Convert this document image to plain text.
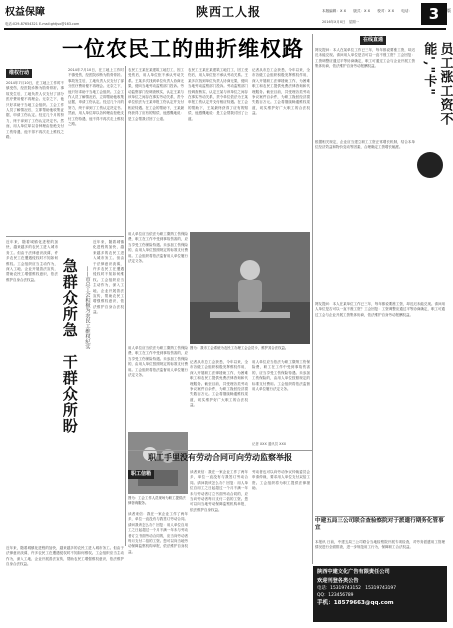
权益保障	陕西工人报	本版编辑：X X　　版式：X X　　校对：X X　　电话：	3	版
电话:029-87654321 E-mail:ghtjsx@163.com	2016年X月X日　星期一
一位农民工的曲折维权路
维权行动
2014年7月10日，在工地上工作时不慎受伤，经医院诊断为肋骨骨折。事故发生后，工地负责人仅支付了部分医疗费用便不再理会。无奈之下，他只好求助于当地工会组织。工会工作人员了解情况后，立即帮助他收集证据，申请工伤认定。经过几个月的努力，终于拿到了工伤认定决定书。然而，用人单位却以各种理由拒绝支付工伤待遇，他不得不再次走上维权之路。
2014年7月10日，在工地上工作时不慎受伤，经医院诊断为肋骨骨折。事故发生后，工地负责人仅支付了部分医疗费用便不再理会。无奈之下，他只好求助于当地工会组织。工会工作人员了解情况后，立即帮助他收集证据，申请工伤认定。经过几个月的努力，终于拿到了工伤认定决定书。然而，用人单位却以各种理由拒绝支付工伤待遇，他不得不再次走上维权之路。
农民工王某在某建筑工地打工，因工受伤后，用人单位拒不承认劳动关系。王某多次找到单位负责人协商无果，便向当地劳动监察部门投诉。劳动监察部门经调查核实，认定王某与该单位之间存在事实劳动关系，责令单位依法为王某申报工伤认定并支付相应待遇。在工会的帮助下，王某最终获得了应有的赔偿，他感慨地说：是工会帮我讨回了公道。
农民工王某在某建筑工地打工，因工受伤后，用人单位拒不承认劳动关系。王某多次找到单位负责人协商无果，便向当地劳动监察部门投诉。劳动监察部门经调查核实，认定王某与该单位之间存在事实劳动关系，责令单位依法为王某申报工伤认定并支付相应待遇。在工会的帮助下，王某最终获得了应有的赔偿，他感慨地说：是工会帮我讨回了公道。
记者从市总工会获悉，今年以来，全市各级工会组织积极发挥维权作用，深入开展职工法律援助工作，为困难职工和农民工提供免费法律咨询和代理服务。截至目前，共受理各类劳动争议案件百余件，为职工挽回经济损失数百万元。工会将继续畅通维权渠道，切实维护好广大职工的合法权益。
近年来，随着城镇化进程的加快，越来越多的农民工进入城市务工。但由于法律意识淡薄，许多农民工在遭遇侵权时不知如何维权。工会组织应当主动作为，深入工地、企业开展普法宣传，帮助农民工增强维权意识，依法维护自身合法权益。	急群众所急　干群众所盼 ——市总工会积极为农民工维权纪实
近年来，随着城镇化进程的加快，越来越多的农民工进入城市务工。但由于法律意识淡薄，许多农民工在遭遇侵权时不知如何维权。工会组织应当主动作为，深入工地、企业开展普法宣传，帮助农民工增强维权意识，依法维护自身合法权益。
用人单位应当依法为职工缴纳工伤保险费，职工在工作中受到事故伤害的，应当享受工伤保险待遇。未参加工伤保险的，由用人单位按照规定的标准支付费用。工会组织将依法监督用人单位履行法定义务。
用人单位应当依法为职工缴纳工伤保险费，职工在工作中受到事故伤害的，应当享受工伤保险待遇。未参加工伤保险的，由用人单位按照规定的标准支付费用。工会组织将依法监督用人单位履行法定义务。
图为：我市工会系统为农民工办理工会会员卡，维护其合法权益。
图为：工会工作人员现场为职工提供法律咨询服务。
记者从市总工会获悉，今年以来，全市各级工会组织积极发挥维权作用，深入开展职工法律援助工作，为困难职工和农民工提供免费法律咨询和代理服务。截至目前，共受理各类劳动争议案件百余件，为职工挽回经济损失数百万元。工会将继续畅通维权渠道，切实维护好广大职工的合法权益。
用人单位应当依法为职工缴纳工伤保险费，职工在工作中受到事故伤害的，应当享受工伤保险待遇。未参加工伤保险的，由用人单位按照规定的标准支付费用。工会组织将依法监督用人单位履行法定义务。
记者 XXX 通讯员 XXX
职工手里没有劳动合同可向劳动监察举报
职工信箱	读者来信：我在一家企业工作了两年多，单位一直没有与我签订劳动合同。请问我该怎么办？回复：用人单位自用工之日起超过一个月不满一年未与劳动者订立书面劳动合同的，应当向劳动者每月支付二倍的工资。您可以向当地劳动保障监察机构举报，依法维护自身权益。
劳动者也可以向劳动争议仲裁委员会申请仲裁，要求用人单位支付双倍工资。工会组织将为职工提供法律援助。
读者来信：我在一家企业工作了两年多，单位一直没有与我签订劳动合同。请问我该怎么办？回复：用人单位自用工之日起超过一个月不满一年未与劳动者订立书面劳动合同的，应当向劳动者每月支付二倍的工资。您可以向当地劳动保障监察机构举报，依法维护自身权益。
近年来，随着城镇化进程的加快，越来越多的农民工进入城市务工。但由于法律意识淡薄，许多农民工在遭遇侵权时不知如何维权。工会组织应当主动作为，深入工地、企业开展普法宣传，帮助农民工增强维权意识，依法维护自身合法权益。
在线直通
网友提问：本人在某单位工作已三年，每年都说要涨工资，却迟迟未能兑现。请问用人单位是否可以一直不涨工资？工会回复：工资调整应通过平等协商确定，职工可通过工会与企业开展工资集体协商，依法维护自身劳动报酬权益。	员工涨工资不能',"卡"
根据相关规定，企业应当建立职工工资正常增长机制，结合本单位经济效益和物价变动等因素，合理确定工资增长幅度。
网友提问：本人在某单位工作已三年，每年都说要涨工资，却迟迟未能兑现。请问用人单位是否可以一直不涨工资？工会回复：工资调整应通过平等协商确定，职工可通过工会与企业开展工资集体协商，依法维护自身劳动报酬权益。
中建五局三公司联合查验察院对于派遣行期务化管事宜
本报讯 日前，中建五局三公司联合当地检察院开展专项检查，对劳务派遣用工管理情况进行全面排查，进一步规范用工行为，保障职工合法权益。
陕西中建文化广告有限责任公司
欢迎刊登各类公告
电话：15319743152　15319743197
QQ：123456789
手机：18579663@qq.com
